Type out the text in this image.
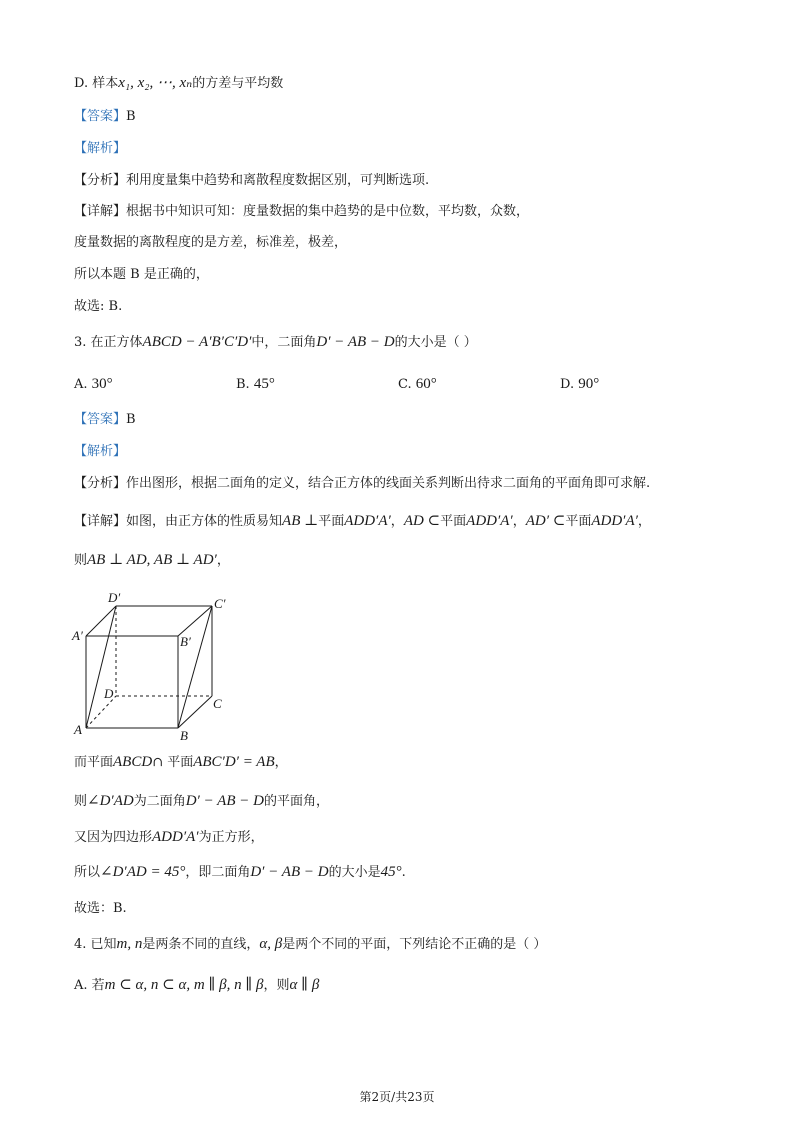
D. 样本x₁, x₂, ⋯, xₙ的方差与平均数
【答案】B
【解析】
【分析】利用度量集中趋势和离散程度数据区别，可判断选项.
【详解】根据书中知识可知：度量数据的集中趋势的是中位数，平均数，众数，
度量数据的离散程度的是方差，标准差，极差，
所以本题 B 是正确的，
故选: B.
3. 在正方体ABCD − A′B′C′D′中，二面角D′ − AB − D的大小是（ ）
A. 30°	B. 45°	C. 60°	D. 90°
【答案】B
【解析】
【分析】作出图形，根据二面角的定义，结合正方体的线面关系判断出待求二面角的平面角即可求解.
【详解】如图，由正方体的性质易知AB ⊥平面ADD′A′，AD ⊂平面ADD′A′，AD′ ⊂平面ADD′A′，
则AB ⊥ AD, AB ⊥ AD′，
D′	C′
A′	B′
D
C
A	B
而平面ABCD∩ 平面ABC′D′ = AB，
则∠D′AD为二面角D′ − AB − D的平面角，
又因为四边形ADD′A′为正方形，
所以∠D′AD = 45°，即二面角D′ − AB − D的大小是45°.
故选：B.
4. 已知m, n是两条不同的直线，α, β是两个不同的平面，下列结论不正确的是（ ）
A. 若m ⊂ α, n ⊂ α, m ∥ β, n ∥ β，则α ∥ β
第2页/共23页
